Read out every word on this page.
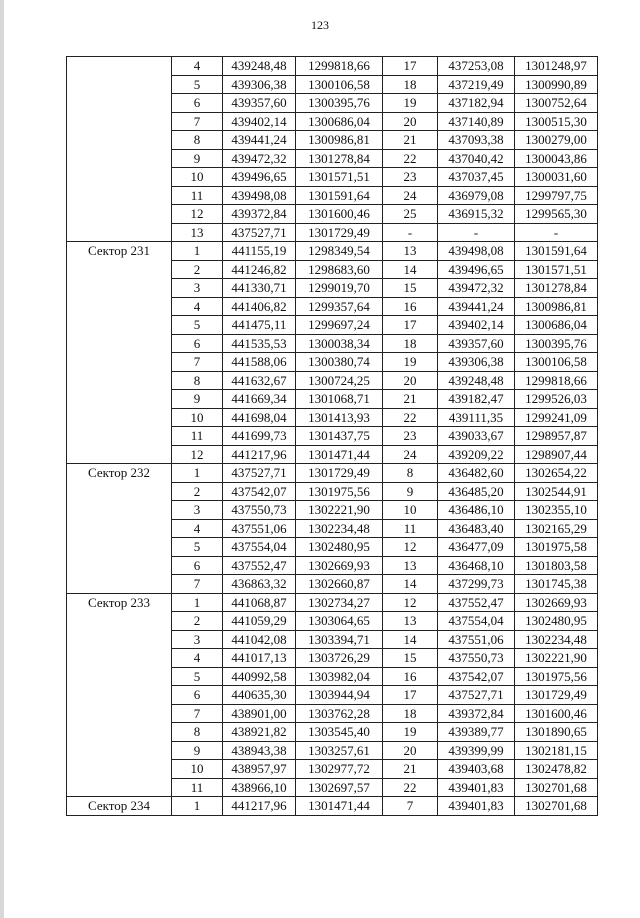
123
	4	439248,48	1299818,66	17	437253,08	1301248,97
	5	439306,38	1300106,58	18	437219,49	1300990,89
	6	439357,60	1300395,76	19	437182,94	1300752,64
	7	439402,14	1300686,04	20	437140,89	1300515,30
	8	439441,24	1300986,81	21	437093,38	1300279,00
	9	439472,32	1301278,84	22	437040,42	1300043,86
	10	439496,65	1301571,51	23	437037,45	1300031,60
	11	439498,08	1301591,64	24	436979,08	1299797,75
	12	439372,84	1301600,46	25	436915,32	1299565,30
	13	437527,71	1301729,49	-	-	-
Сектор 231	1	441155,19	1298349,54	13	439498,08	1301591,64
	2	441246,82	1298683,60	14	439496,65	1301571,51
	3	441330,71	1299019,70	15	439472,32	1301278,84
	4	441406,82	1299357,64	16	439441,24	1300986,81
	5	441475,11	1299697,24	17	439402,14	1300686,04
	6	441535,53	1300038,34	18	439357,60	1300395,76
	7	441588,06	1300380,74	19	439306,38	1300106,58
	8	441632,67	1300724,25	20	439248,48	1299818,66
	9	441669,34	1301068,71	21	439182,47	1299526,03
	10	441698,04	1301413,93	22	439111,35	1299241,09
	11	441699,73	1301437,75	23	439033,67	1298957,87
	12	441217,96	1301471,44	24	439209,22	1298907,44
Сектор 232	1	437527,71	1301729,49	8	436482,60	1302654,22
	2	437542,07	1301975,56	9	436485,20	1302544,91
	3	437550,73	1302221,90	10	436486,10	1302355,10
	4	437551,06	1302234,48	11	436483,40	1302165,29
	5	437554,04	1302480,95	12	436477,09	1301975,58
	6	437552,47	1302669,93	13	436468,10	1301803,58
	7	436863,32	1302660,87	14	437299,73	1301745,38
Сектор 233	1	441068,87	1302734,27	12	437552,47	1302669,93
	2	441059,29	1303064,65	13	437554,04	1302480,95
	3	441042,08	1303394,71	14	437551,06	1302234,48
	4	441017,13	1303726,29	15	437550,73	1302221,90
	5	440992,58	1303982,04	16	437542,07	1301975,56
	6	440635,30	1303944,94	17	437527,71	1301729,49
	7	438901,00	1303762,28	18	439372,84	1301600,46
	8	438921,82	1303545,40	19	439389,77	1301890,65
	9	438943,38	1303257,61	20	439399,99	1302181,15
	10	438957,97	1302977,72	21	439403,68	1302478,82
	11	438966,10	1302697,57	22	439401,83	1302701,68
Сектор 234	1	441217,96	1301471,44	7	439401,83	1302701,68
